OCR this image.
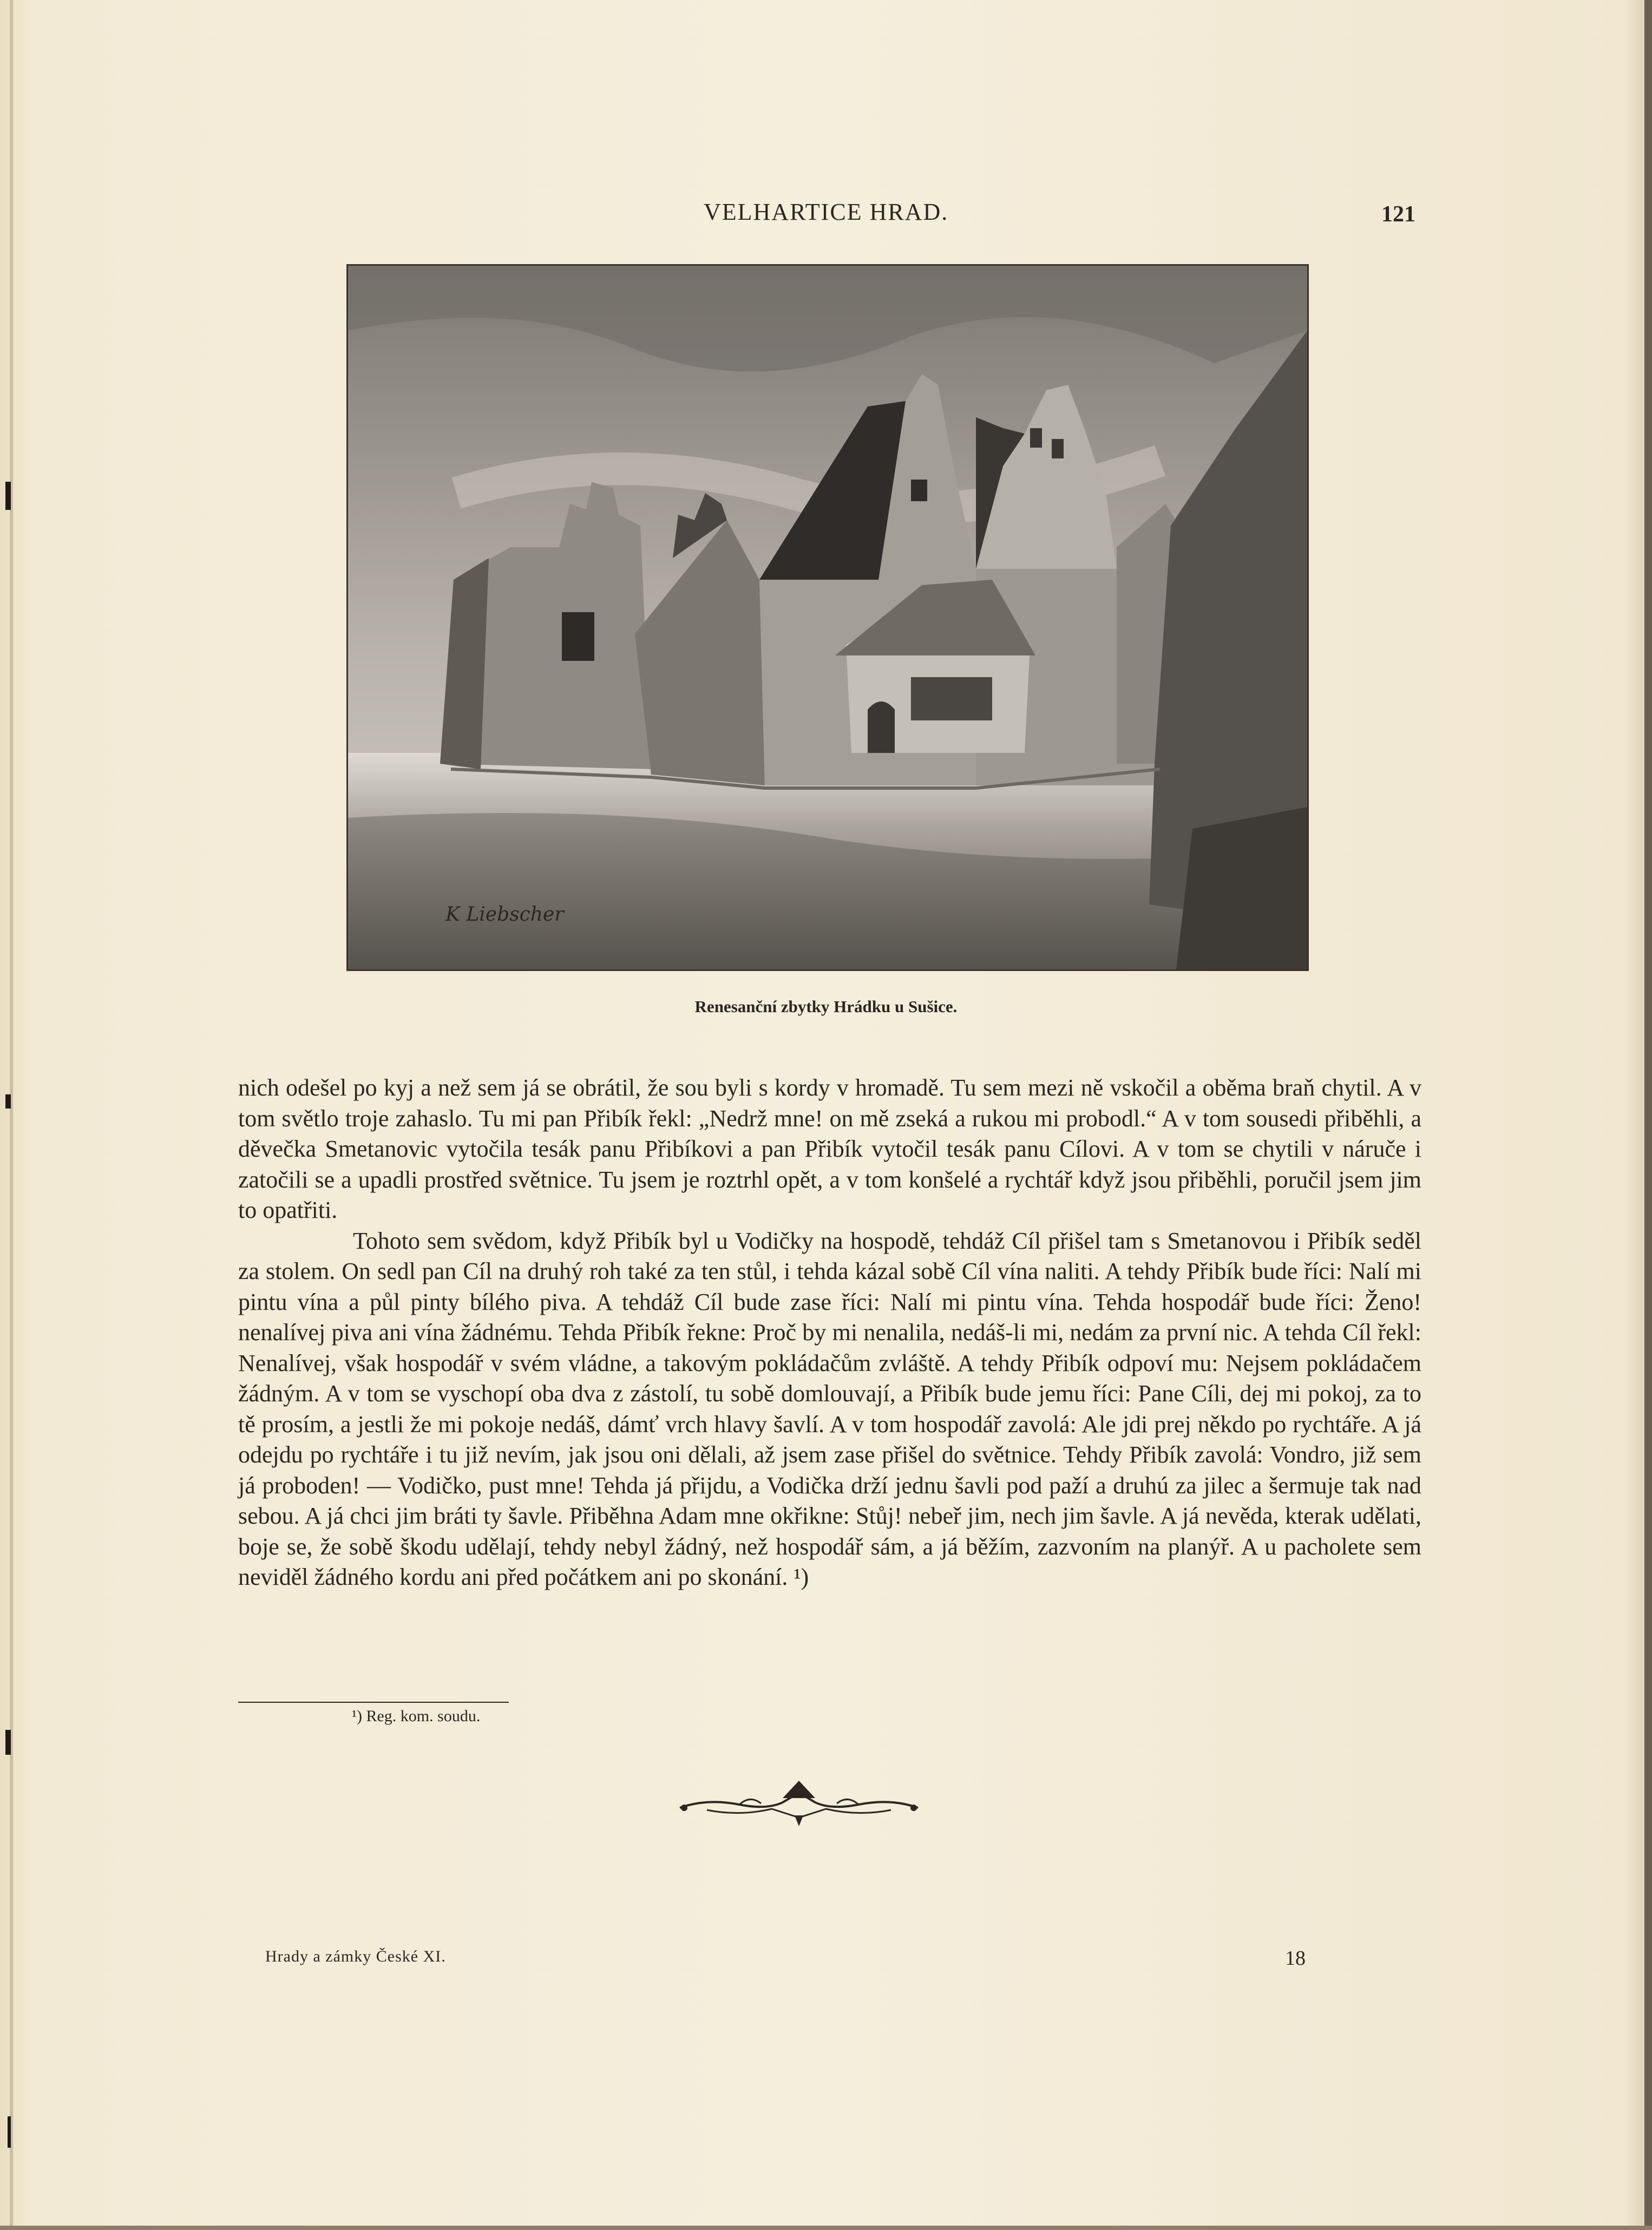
VELHARTICE HRAD.	121
K Liebscher
Renesanční zbytky Hrádku u Sušice.

nich odešel po kyj a než sem já se obrátil, že sou byli s kordy v hromadě. Tu sem mezi ně vskočil a oběma braň chytil. A v tom světlo troje zahaslo. Tu mi pan Přibík řekl: „Nedrž mne! on mě zseká a rukou mi probodl.“ A v tom sousedi přiběhli, a děvečka Smetanovic vytočila tesák panu Přibíkovi a pan Přibík vytočil tesák panu Cílovi. A v tom se chytili v náruče i zatočili se a upadli prostřed světnice. Tu jsem je roztrhl opět, a v tom konšelé a rychtář když jsou přiběhli, poručil jsem jim to opatřiti.

Tohoto sem svědom, když Přibík byl u Vodičky na hospodě, tehdáž Cíl přišel tam s Smetanovou i Přibík seděl za stolem. On sedl pan Cíl na druhý roh také za ten stůl, i tehda kázal sobě Cíl vína naliti. A tehdy Přibík bude říci: Nalí mi pintu vína a půl pinty bílého piva. A tehdáž Cíl bude zase říci: Nalí mi pintu vína. Tehda hospodář bude říci: Ženo! nenalívej piva ani vína žádnému. Tehda Přibík řekne: Proč by mi nenalila, nedáš-li mi, nedám za první nic. A tehda Cíl řekl: Nenalívej, však hospodář v svém vládne, a takovým pokládačům zvláště. A tehdy Přibík odpoví mu: Nejsem pokládačem žádným. A v tom se vyschopí oba dva z zástolí, tu sobě domlouvají, a Přibík bude jemu říci: Pane Cíli, dej mi pokoj, za to tě prosím, a jestli že mi pokoje nedáš, dámť vrch hlavy šavlí. A v tom hospodář zavolá: Ale jdi prej někdo po rychtáře. A já odejdu po rychtáře i tu již nevím, jak jsou oni dělali, až jsem zase přišel do světnice. Tehdy Přibík zavolá: Vondro, již sem já proboden! — Vodičko, pust mne! Tehda já přijdu, a Vodička drží jednu šavli pod paží a druhú za jilec a šermuje tak nad sebou. A já chci jim bráti ty šavle. Přiběhna Adam mne okřikne: Stůj! nebeř jim, nech jim šavle. A já nevěda, kterak udělati, boje se, že sobě škodu udělají, tehdy nebyl žádný, než hospodář sám, a já běžím, zazvoním na planýř. A u pacholete sem neviděl žádného kordu ani před počátkem ani po skonání. ¹)

¹) Reg. kom. soudu.
Hrady a zámky České XI.	18
